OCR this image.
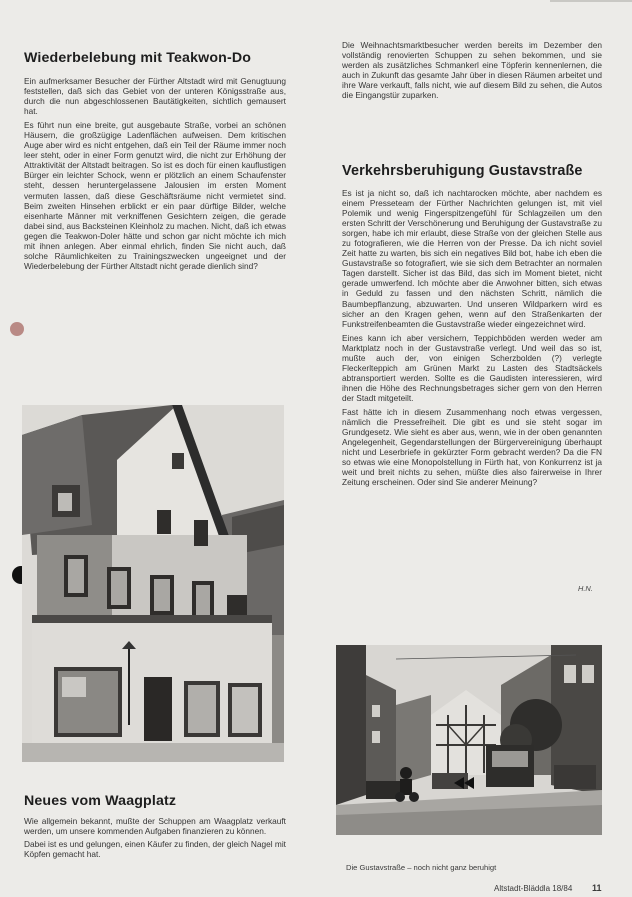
Wiederbelebung mit Teakwon-Do

Ein aufmerksamer Besucher der Fürther Altstadt wird mit Genugtuung feststellen, daß sich das Gebiet von der unteren Königsstraße aus, durch die nun abgeschlossenen Bautätigkeiten, sichtlich gemausert hat.

Es führt nun eine breite, gut ausgebaute Straße, vorbei an schönen Häusern, die großzügige Ladenflächen aufweisen. Dem kritischen Auge aber wird es nicht entgehen, daß ein Teil der Räume immer noch leer steht, oder in einer Form genutzt wird, die nicht zur Erhöhung der Attraktivität der Altstadt beitragen. So ist es doch für einen kauflustigen Bürger ein leichter Schock, wenn er plötzlich an einem Schaufenster steht, dessen heruntergelassene Jalousien im ersten Moment vermuten lassen, daß diese Geschäftsräume nicht vermietet sind. Beim zweiten Hinsehen erblickt er ein paar dürftige Bilder, welche eisenharte Männer mit verkniffenen Gesichtern zeigen, die gerade dabei sind, aus Backsteinen Kleinholz zu machen. Nicht, daß ich etwas gegen die Teakwon-Doler hätte und schon gar nicht möchte ich mich mit ihnen anlegen. Aber einmal ehrlich, finden Sie nicht auch, daß solche Räumlichkeiten zu Trainingszwecken ungeeignet und der Wiederbelebung der Fürther Altstadt nicht gerade dienlich sind?

Neues vom Waagplatz

Wie allgemein bekannt, mußte der Schuppen am Waagplatz verkauft werden, um unsere kommenden Aufgaben finanzieren zu können.

Dabei ist es und gelungen, einen Käufer zu finden, der gleich Nagel mit Köpfen gemacht hat.

Die Weihnachtsmarktbesucher werden bereits im Dezember den vollständig renovierten Schuppen zu sehen bekommen, und sie werden als zusätzliches Schmankerl eine Töpferin kennenlernen, die auch in Zukunft das gesamte Jahr über in diesen Räumen arbeitet und ihre Ware verkauft, falls nicht, wie auf diesem Bild zu sehen, die Autos die Eingangstür zuparken.

Verkehrsberuhigung Gustavstraße

Es ist ja nicht so, daß ich nachtarocken möchte, aber nachdem es einem Presseteam der Fürther Nachrichten gelungen ist, mit viel Polemik und wenig Fingerspitzengefühl für Schlagzeilen um den ersten Schritt der Verschönerung und Beruhigung der Gustavstraße zu sorgen, habe ich mir erlaubt, diese Straße von der gleichen Stelle aus zu fotografieren, wie die Herren von der Presse. Da ich nicht soviel Zeit hatte zu warten, bis sich ein negatives Bild bot, habe ich eben die Gustavstraße so fotografiert, wie sie sich dem Betrachter an normalen Tagen darstellt. Sicher ist das Bild, das sich im Moment bietet, nicht gerade umwerfend. Ich möchte aber die Anwohner bitten, sich etwas in Geduld zu fassen und den nächsten Schritt, nämlich die Baumbepflanzung, abzuwarten. Und unseren Wildparkern wird es sicher an den Kragen gehen, wenn auf den Straßenkarten der Funkstreifenbeamten die Gustavstraße wieder eingezeichnet wird.

Eines kann ich aber versichern, Teppichböden werden weder am Marktplatz noch in der Gustavstraße verlegt. Und weil das so ist, mußte auch der, von einigen Scherzbolden (?) verlegte Fleckerlteppich am Grünen Markt zu Lasten des Stadtsäckels abtransportiert werden. Sollte es die Gaudisten interessieren, wird ihnen die Höhe des Rechnungsbetrages sicher gern von den Herren der Stadt mitgeteilt.

Fast hätte ich in diesem Zusammenhang noch etwas vergessen, nämlich die Pressefreiheit. Die gibt es und sie steht sogar im Grundgesetz. Wie sieht es aber aus, wenn, wie in der oben genannten Angelegenheit, Gegendarstellungen der Bürgervereinigung überhaupt nicht und Leserbriefe in gekürzter Form gebracht werden? Da die FN so etwas wie eine Monopolstellung in Fürth hat, von Konkurrenz ist ja weit und breit nichts zu sehen, müßte dies also fairerweise in Ihrer Zeitung erscheinen. Oder sind Sie anderer Meinung?

H.N.
Die Gustavstraße – noch nicht ganz beruhigt
Altstadt-Bläddla 18/84 11
